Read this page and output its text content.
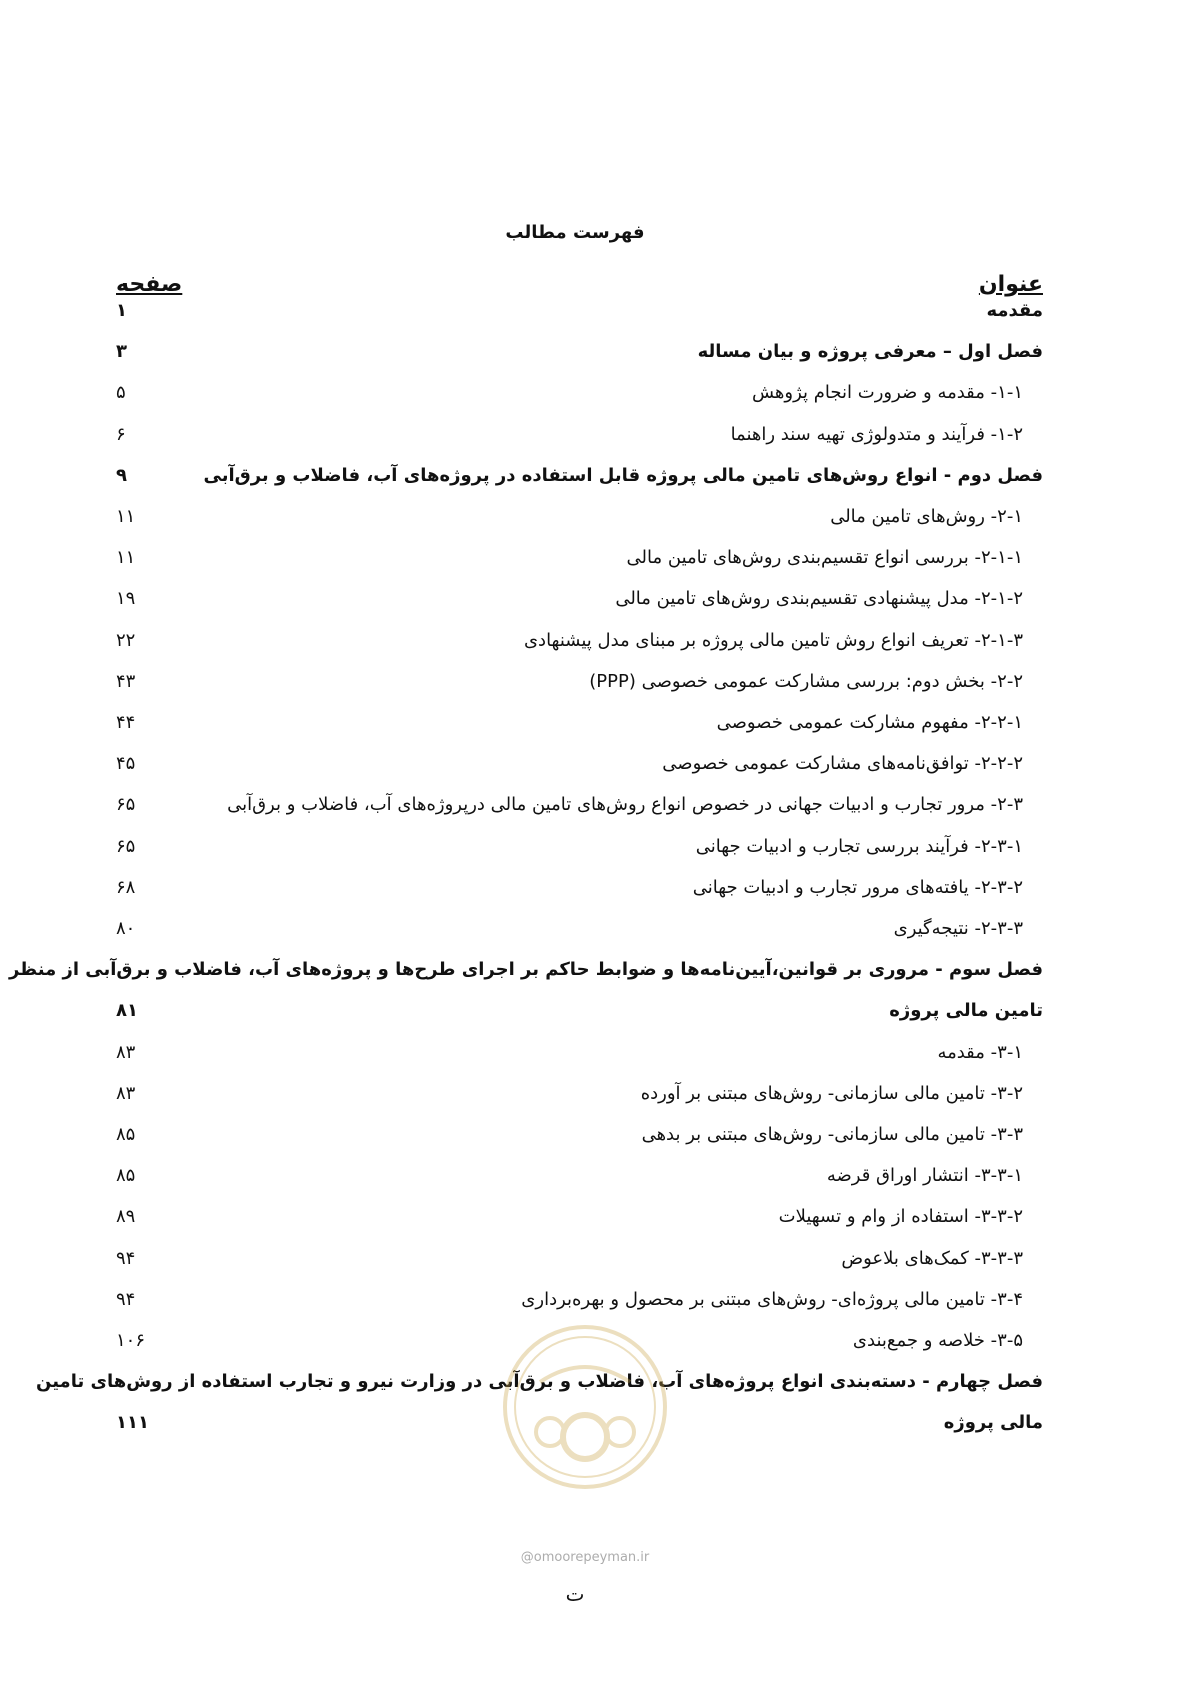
فهرست مطالب
عنوان
صفحه
مقدمه
۱
فصل اول – معرفی پروژه و بیان مساله
۳
۱-۱- مقدمه و ضرورت انجام پژوهش
۵
۱-۲- فرآیند و متدولوژی تهیه سند راهنما
۶
فصل دوم - انواع روش‌های تامین مالی پروژه قابل استفاده در پروژه‌های آب، فاضلاب و برق‌آبی
۹
۲-۱- روش‌های تامین مالی
۱۱
۲-۱-۱- بررسی انواع تقسیم‌بندی روش‌های تامین مالی
۱۱
۲-۱-۲- مدل پیشنهادی تقسیم‌بندی روش‌های تامین مالی
۱۹
۲-۱-۳- تعریف انواع روش تامین مالی پروژه بر مبنای مدل پیشنهادی
۲۲
۲-۲- بخش دوم: بررسی مشارکت عمومی خصوصی (PPP)
۴۳
۲-۲-۱- مفهوم مشارکت عمومی خصوصی
۴۴
۲-۲-۲- توافق‌نامه‌های مشارکت عمومی خصوصی
۴۵
۲-۳- مرور تجارب و ادبیات جهانی در خصوص انواع روش‌های تامین مالی درپروژه‌های آب، فاضلاب و برق‌آبی
۶۵
۲-۳-۱- فرآیند بررسی تجارب و ادبیات جهانی
۶۵
۲-۳-۲- یافته‌های مرور تجارب و ادبیات جهانی
۶۸
۲-۳-۳- نتیجه‌گیری
۸۰
فصل سوم - مروری بر قوانین،آیین‌نامه‌ها و ضوابط حاکم بر اجرای طرح‌ها و پروژه‌های آب، فاضلاب و برق‌آبی از منظر
تامین مالی پروژه
۸۱
۳-۱- مقدمه
۸۳
۳-۲- تامین مالی سازمانی- روش‌های مبتنی بر آورده
۸۳
۳-۳- تامین مالی سازمانی- روش‌های مبتنی بر بدهی
۸۵
۳-۳-۱- انتشار اوراق قرضه
۸۵
۳-۳-۲- استفاده از وام و تسهیلات
۸۹
۳-۳-۳- کمک‌های بلاعوض
۹۴
۳-۴- تامین مالی پروژه‌ای- روش‌های مبتنی بر محصول و بهره‌برداری
۹۴
۳-۵- خلاصه و جمع‌بندی
۱۰۶
فصل چهارم - دسته‌بندی انواع پروژه‌های آب، فاضلاب و برق‌آبی در وزارت نیرو و تجارب استفاده از روش‌های تامین
مالی پروژه
۱۱۱
@omoorepeyman.ir
ت
